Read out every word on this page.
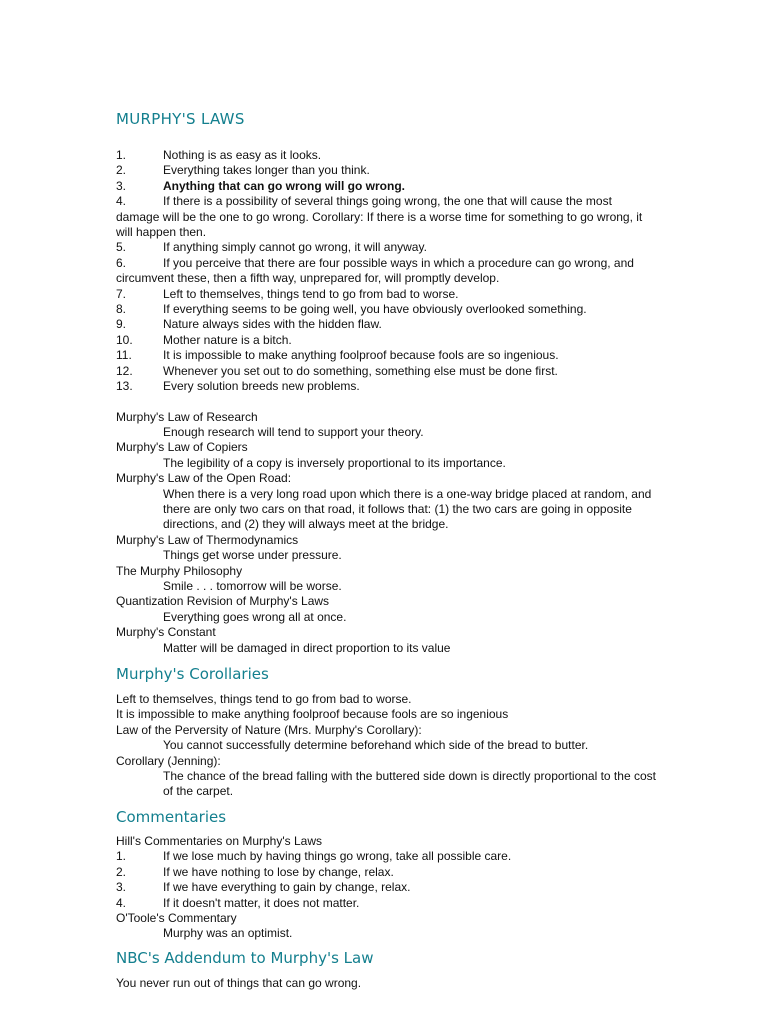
MURPHY'S LAWS
1.	Nothing is as easy as it looks.
2.	Everything takes longer than you think.
3.	Anything that can go wrong will go wrong.
4.	If there is a possibility of several things going wrong, the one that will cause the most damage will be the one to go wrong. Corollary: If there is a worse time for something to go wrong, it will happen then.
5.	If anything simply cannot go wrong, it will anyway.
6.	If you perceive that there are four possible ways in which a procedure can go wrong, and circumvent these, then a fifth way, unprepared for, will promptly develop.
7.	Left to themselves, things tend to go from bad to worse.
8.	If everything seems to be going well, you have obviously overlooked something.
9.	Nature always sides with the hidden flaw.
10.	Mother nature is a bitch.
11.	It is impossible to make anything foolproof because fools are so ingenious.
12.	Whenever you set out to do something, something else must be done first.
13.	Every solution breeds new problems.
Murphy's Law of Research
Enough research will tend to support your theory.
Murphy's Law of Copiers
The legibility of a copy is inversely proportional to its importance.
Murphy's Law of the Open Road:
When there is a very long road upon which there is a one-way bridge placed at random, and there are only two cars on that road, it follows that: (1) the two cars are going in opposite directions, and (2) they will always meet at the bridge.
Murphy's Law of Thermodynamics
Things get worse under pressure.
The Murphy Philosophy
Smile . . . tomorrow will be worse.
Quantization Revision of Murphy's Laws
Everything goes wrong all at once.
Murphy's Constant
Matter will be damaged in direct proportion to its value
Murphy's Corollaries
Left to themselves, things tend to go from bad to worse.
It is impossible to make anything foolproof because fools are so ingenious
Law of the Perversity of Nature (Mrs. Murphy's Corollary):
You cannot successfully determine beforehand which side of the bread to butter.
Corollary (Jenning):
The chance of the bread falling with the buttered side down is directly proportional to the cost of the carpet.
Commentaries
Hill's Commentaries on Murphy's Laws
1.	If we lose much by having things go wrong, take all possible care.
2.	If we have nothing to lose by change, relax.
3.	If we have everything to gain by change, relax.
4.	If it doesn't matter, it does not matter.
O'Toole's Commentary
Murphy was an optimist.
NBC's Addendum to Murphy's Law
You never run out of things that can go wrong.
